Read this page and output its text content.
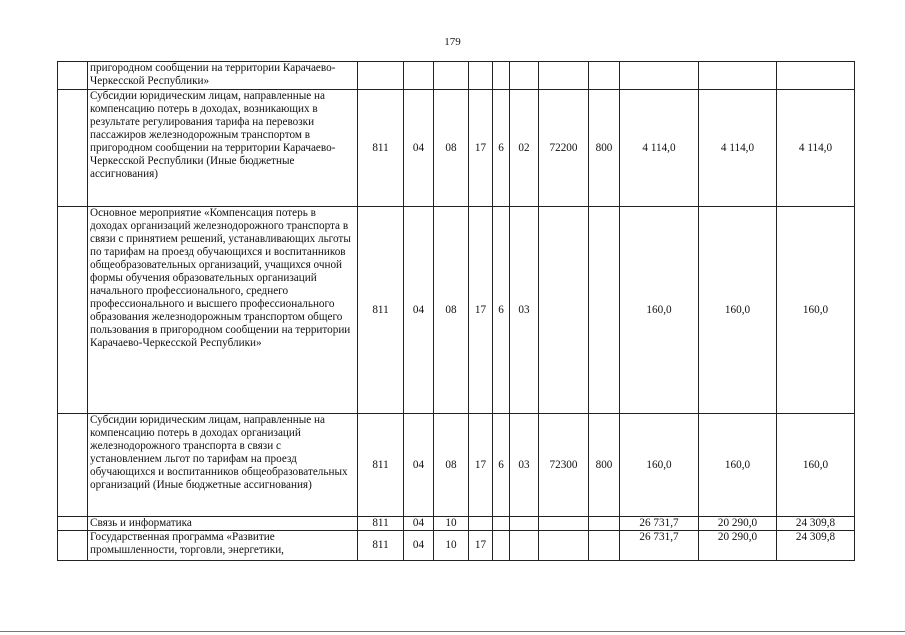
179
	пригородном сообщении на территории Карачаево-Черкесской Республики»											
	Субсидии юридическим лицам, направленные на компенсацию потерь в доходах, возникающих в результате регулирования тарифа на перевозки пассажиров железнодорожным транспортом в пригородном сообщении на территории Карачаево-Черкесской Республики (Иные бюджетные ассигнования)	811	04	08	17	6	02	72200	800	4 114,0	4 114,0	4 114,0
	Основное мероприятие «Компенсация потерь в доходах организаций железнодорожного транспорта в связи с принятием решений, устанавливающих льготы по тарифам на проезд обучающихся и воспитанников общеобразовательных организаций, учащихся очной формы обучения образовательных организаций начального профессионального, среднего профессионального и высшего профессионального образования железнодорожным транспортом общего пользования в пригородном сообщении на территории Карачаево-Черкесской Республики»	811	04	08	17	6	03			160,0	160,0	160,0
	Субсидии юридическим лицам, направленные на компенсацию потерь в доходах организаций железнодорожного транспорта в связи с установлением льгот по тарифам на проезд обучающихся и воспитанников общеобразовательных организаций (Иные бюджетные ассигнования)	811	04	08	17	6	03	72300	800	160,0	160,0	160,0
	Связь и информатика	811	04	10						26 731,7	20 290,0	24 309,8
	Государственная программа «Развитие промышленности, торговли, энергетики,	811	04	10	17					26 731,7	20 290,0	24 309,8
